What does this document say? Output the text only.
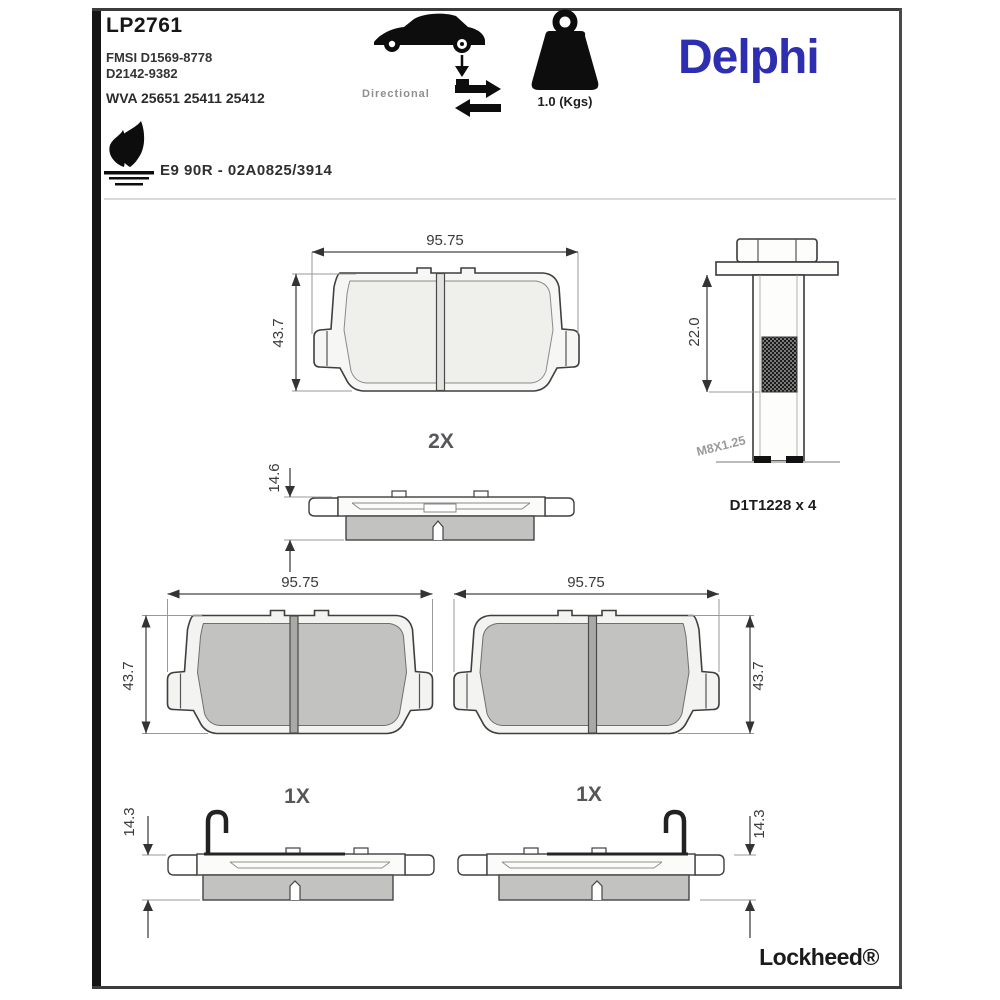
LP2761
FMSI D1569-8778
D2142-9382
WVA 25651 25411 25412	Directional
Delphi
E9 90R - 02A0825/3914
Lockheed®
1.0 (Kgs)
95.75
43.7
2X
14.6
22.0
M8X1.25
D1T1228 x 4
95.75
43.7
1X
95.75
43.7
1X
14.3	14.3
